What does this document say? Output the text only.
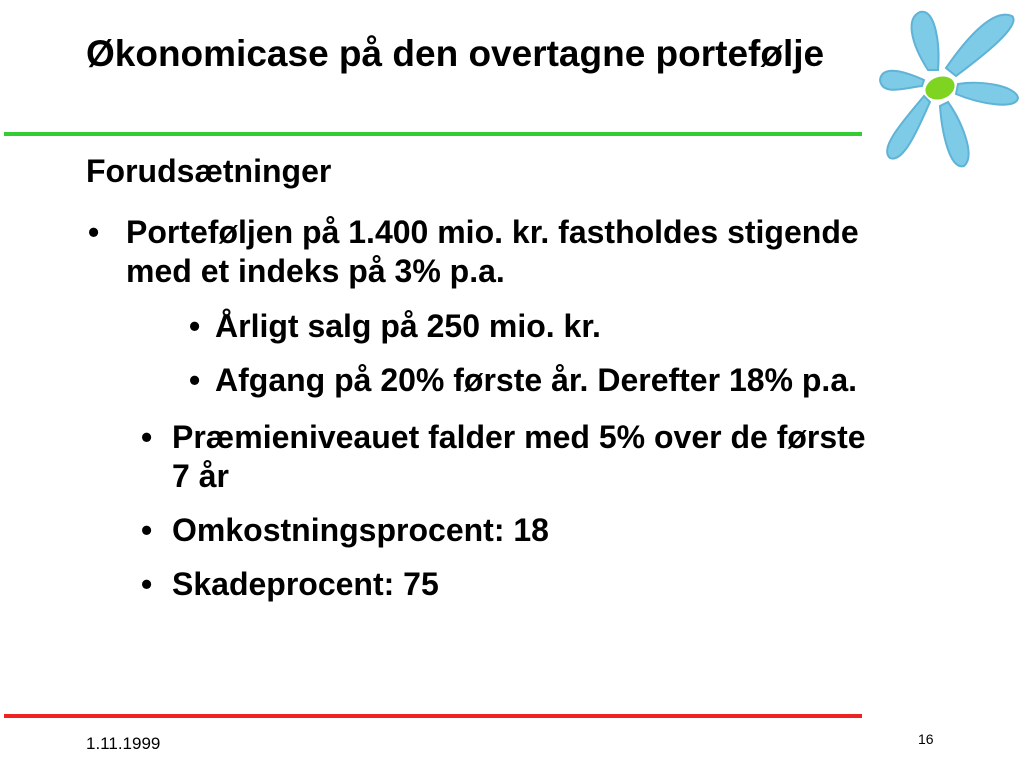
Økonomicase på den overtagne portefølje
Forudsætninger
• Porteføljen på 1.400 mio. kr. fastholdes stigende med et indeks på 3% p.a.
• Årligt salg på 250 mio. kr.
• Afgang på 20% første år. Derefter 18% p.a.
• Præmieniveauet falder med 5% over de første 7 år
• Omkostningsprocent: 18
• Skadeprocent: 75
1.11.1999	16
